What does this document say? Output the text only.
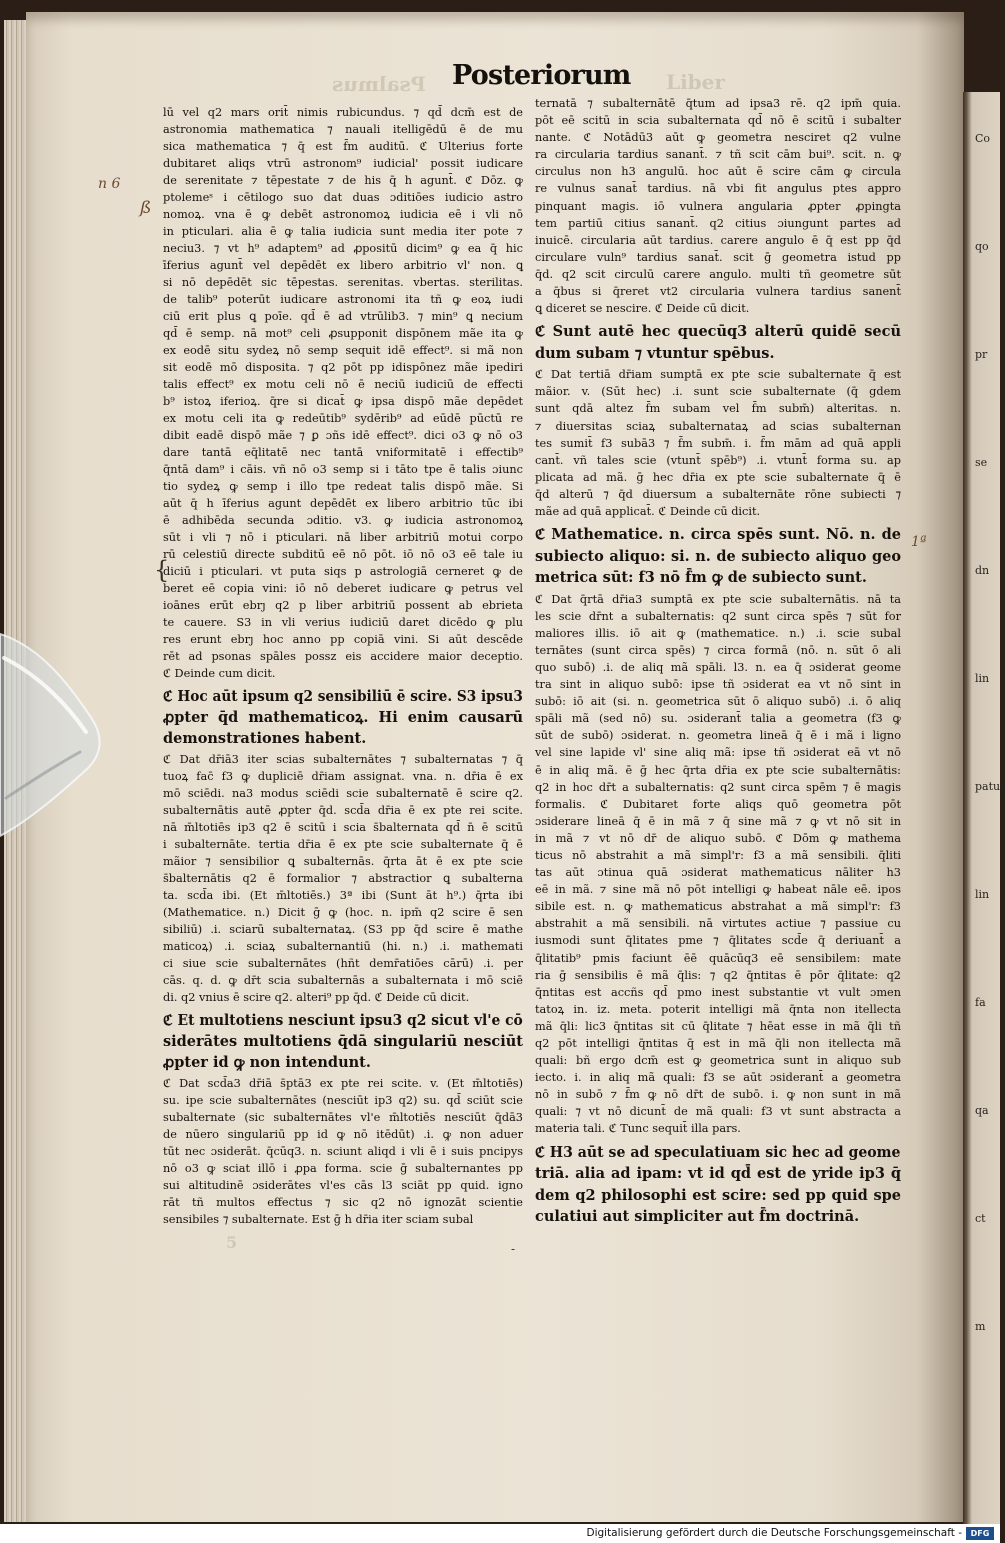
Co
qo
pr
se
dn
lin
patur
lin
fa
qa
ct
m
Psalmus	Liber
5
Posteriorum
lū vel q2 mars orit̄ nimis rubicundus. ⁊ qd̄ dcm̄ est de
astronomia mathematica ⁊ nauali itelligēdū ē de mu
sica mathematica ⁊ q̄ est f̄m auditū. ℭ Ulterius forte
dubitaret aliqs vtrū astronom⁹ iudicial' possit iudicare
de serenitate ⁊ tēpestate ⁊ de his q̄ h agunt̄. ℭ Dōz. ꝙ
ptolemeˢ i cētilogo suo dat duas ɔditiōes iudicio astro
nomoꝝ. vna ē ꝙ debēt astronomoꝝ iudicia eē i vli nō
in pticulari. alia ē ꝙ talia iudicia sunt media iter pote ⁊
neciu3. ⁊ vt h⁹ adaptem⁹ ad ꝓpositū dicim⁹ ꝙ ea q̄ hic
īferius agunt̄ vel depēdēt ex libero arbitrio vl' non. ꝗ
si nō depēdēt sic tēpestas. serenitas. vbertas. sterilitas.
de talib⁹ poterūt iudicare astronomi ita tñ ꝙ eoꝝ iudi
ciū erit plus ꝗ poīe. qd̄ ē ad vtrūlib3. ⁊ min⁹ ꝗ necium
qd̄ ē semp. nā mot⁹ celi ꝓsupponit dispōnem mãe ita ꝙ
ex eodē situ sydeꝝ nō semp sequit idē effect⁹. si mã non
sit eodē mō disposita. ⁊ q2 pōt pp idispōnez mãe ipediri
talis effect⁹ ex motu celi nō ē neciū iudiciū de effecti
b⁹ istoꝝ iferioꝝ. q̄re si dicat̄ ꝙ ipsa dispō mãe depēdet
ex motu celi ita ꝙ redeūtib⁹ sydērib⁹ ad eūdē pūctū re
dibit eadē dispō mãe ⁊ ꝑ ɔñs idē effect⁹. dici o3 ꝙ nō o3
dare tantā eq̄litatē nec tantā vniformitatē i effectib⁹
q̄ntā dam⁹ i cāis. vñ nō o3 semp si i tāto tpe ē talis ɔiunc
tio sydeꝝ ꝙ semp i illo tpe redeat talis dispō mãe. Si
aūt q̄ h īferius agunt depēdēt ex libero arbitrio tūc ibi
ē adhibēda secunda ɔditio. v3. ꝙ iudicia astronomoꝝ
sūt i vli ⁊ nō i pticulari. nā liber arbitriū motui corpo
rū celestiū directe subditū eē nō pōt. iō nō o3 eē tale iu
diciū i pticulari. vt puta siqs p astrologiā cerneret ꝙ de
beret eē copia vini: iō nō deberet iudicare ꝙ petrus vel
ioānes erūt ebrȷ q2 p liber arbitriū possent ab ebrieta
te cauere. S3 in vli verius iudiciū daret dicēdo ꝙ plu
res erunt ebrȷ hoc anno pp copiā vini. Si aūt descēde
rēt ad psonas spāles possz eis accidere maior deceptio.
ℭ Deinde cum dicit.
ℭ Hoc aūt ipsum q2 sensibiliū ē scire. S3 ipsu3
ꝓpter q̄d mathematicoꝝ. Hi enim causarū
demonstrationes habent.
ℭ Dat dr̄iā3 iter scias subalternātes ⁊ subalternatas ⁊ q̄
tuoꝝ fac̄ f3 ꝙ dupliciē dr̄iam assignat. vna. n. dr̄ia ē ex
mō sciēdi. na3 modus sciēdi scie subalternatē ē scire q2.
subalternātis autē ꝓpter q̄d. scd̄a dr̄ia ē ex pte rei scite.
nā m̄ltotiēs ip3 q2 ē scitū i scia s̄balternata qd̄ n̄ ē scitū
i subalternāte. tertia dr̄ia ē ex pte scie subalternate q̄ ē
mãior ⁊ sensibilior ꝗ subalternās. q̄rta āt ē ex pte scie
s̄balternātis q2 ē formalior ⁊ abstractior ꝗ subalterna
ta. scd̄a ibi. (Et m̄ltotiēs.) 3ª ibi (Sunt āt h⁹.) q̄rta ibi
(Mathematice. n.) Dicit ḡ ꝙ (hoc. n. ipm̄ q2 scire ē sen
sibiliū) .i. sciarū subalternataꝝ. (S3 pp q̄d scire ē mathe
maticoꝝ) .i. sciaꝝ subalternantiū (hi. n.) .i. mathemati
ci siue scie subalternātes (hñt demr̄atiōes cārū) .i. per
cās. q. d. ꝙ dr̄t scia subalternās a subalternata i mō sciē
di. q2 vnius ē scire q2. alteri⁹ pp q̄d. ℭ Deide cū dicit.
ℭ Et multotiens nesciunt ipsu3 q2 sicut vl'e cō
siderātes multotiens q̄dā singulariū nesciūt
ꝓpter id ꝙ non intendunt.
ℭ Dat scd̄a3 dr̄iā s̄ptā3 ex pte rei scite. v. (Et m̄ltotiēs)
su. ipe scie subalternātes (nesciūt ip3 q2) su. qd̄ sciūt scie
subalternate (sic subalternātes vl'e m̄ltotiēs nesciūt q̄dā3
de nūero singulariū pp id ꝙ nō itēdūt) .i. ꝙ non aduer
tūt nec ɔsiderāt. q̄cūq3. n. sciunt aliqd i vli ē i suis pncipys
nō o3 ꝙ sciat illō i ꝓpa forma. scie ḡ subalternantes pp
sui altitudinē ɔsiderātes vl'es cās l3 sciāt pp quid. igno
rāt tñ multos effectus ⁊ sic q2 nō ignozāt scientie
sensibiles ⁊ subalternate. Est ḡ h dr̄ia iter sciam subal
ternatā ⁊ subalternātē q̄tum ad ipsa3 rē. q2 ipm̄ quia.
pōt eē scitū in scia subalternata qd̄ nō ē scitū i subalter
nante. ℭ Notādū3 aūt ꝙ geometra nesciret q2 vulne
ra circularia tardius sanant̄. ⁊ tñ scit cām bui⁹. scit. n. ꝙ
circulus non h3 angulū. hoc aūt ē scire cām ꝙ circula
re vulnus sanat̄ tardius. nā vbi fit angulus ptes appro
pinquant magis. iō vulnera angularia ꝓpter ꝓpingta
tem partiū citius sanant̄. q2 citius ɔiungunt partes ad
inuicē. circularia aūt tardius. carere angulo ē q̄ est pp q̄d
circulare vuln⁹ tardius sanat̄. scit ḡ geometra istud pp
q̄d. q2 scit circulū carere angulo. multi tñ geometre sūt
a q̄bus si q̄reret vt2 circularia vulnera tardius sanent̄
ꝗ diceret se nescire. ℭ Deide cū dicit.
ℭ Sunt autē hec quecūq3 alterū quidē secū
dum subam ⁊ vtuntur spēbus.
ℭ Dat tertiā dr̄iam sumptā ex pte scie subalternate q̄ est
mãior. v. (Sūt hec) .i. sunt scie subalternate (q̄ gdem
sunt qdā altez f̄m subam vel f̄m subm̄) alteritas. n.
⁊ diuersitas sciaꝝ subalternataꝝ ad scias subalternan
tes sumit̄ f3 subā3 ⁊ f̄m subm̄. i. f̄m mām ad quā appli
cant̄. vñ tales scie (vtunt̄ spēb⁹) .i. vtunt̄ forma su. ap
plicata ad mã. ḡ hec dr̄ia ex pte scie subalternate q̄ ē
q̄d alterū ⁊ q̄d diuersum a subalternāte rōne subiecti ⁊
mãe ad quā applicat̄. ℭ Deinde cū dicit.
ℭ Mathematice. n. circa spēs sunt. Nō. n. de
subiecto aliquo: si. n. de subiecto aliquo geo
metrica sūt: f3 nō f̄m ꝙ de subiecto sunt.
ℭ Dat q̄rtā dr̄ia3 sumptā ex pte scie subalternātis. nā ta
les scie dr̄nt a subalternatis: q2 sunt circa spēs ⁊ sūt for
maliores illis. iō ait ꝙ (mathematice. n.) .i. scie subal
ternātes (sunt circa spēs) ⁊ circa formā (nō. n. sūt ō ali
quo subō) .i. de aliq mã spāli. l3. n. ea q̄ ɔsiderat geome
tra sint in aliquo subō: ipse tñ ɔsiderat ea vt nō sint in
subō: iō ait (si. n. geometrica sūt ō aliquo subō) .i. ō aliq
spāli mã (sed nō) su. ɔsiderant̄ talia a geometra (f3 ꝙ
sūt de subō) ɔsiderat. n. geometra lineā q̄ ē i mã i ligno
vel sine lapide vl' sine aliq mã: ipse tñ ɔsiderat eā vt nō
ē in aliq mã. ē ḡ hec q̄rta dr̄ia ex pte scie subalternātis:
q2 in hoc dr̄t a subalternatis: q2 sunt circa spēm ⁊ ē magis
formalis. ℭ Dubitaret forte aliqs quō geometra pōt
ɔsiderare lineā q̄ ē in mã ⁊ q̄ sine mã ⁊ ꝙ vt nō sit in
in mã ⁊ vt nō dr̄ de aliquo subō. ℭ Dōm ꝙ mathema
ticus nō abstrahit a mã simpl'r: f3 a mã sensibili. q̄liti
tas aūt ɔtinua quā ɔsiderat mathematicus nāliter h3
eē in mã. ⁊ sine mã nō pōt intelligi ꝙ habeat nāle eē. ipos
sibile est. n. ꝙ mathematicus abstrahat a mã simpl'r: f3
abstrahit a mã sensibili. nā virtutes actiue ⁊ passiue cu
iusmodi sunt q̄litates pme ⁊ q̄litates scd̄e q̄ deriuant̄ a
q̄litatib⁹ pmis faciunt ēē quācūq3 eē sensibilem: mate
ria ḡ sensibilis ē mã q̄lis: ⁊ q2 q̄ntitas ē pōr q̄litate: q2
q̄ntitas est accñs qd̄ pmo inest substantie vt vult ɔmen
tatoꝝ in. iz. meta. poterit intelligi mã q̄nta non itellecta
mã q̄li: lic3 q̄ntitas sit cū q̄litate ⁊ hēat esse in mã q̄li tñ
q2 pōt intelligi q̄ntitas q̄ est in mã q̄li non itellecta mã
quali: bñ ergo dcm̄ est ꝙ geometrica sunt in aliquo sub
iecto. i. in aliq mã quali: f3 se aūt ɔsiderant̄ a geometra
nō in subō ⁊ f̄m ꝙ nō dr̄t de subō. i. ꝙ non sunt in mã
quali: ⁊ vt nō dicunt̄ de mã quali: f3 vt sunt abstracta a
materia tali. ℭ Tunc sequit̄ illa pars.
ℭ H3 aūt se ad speculatiuam sic hec ad geome
triā. alia ad ipam: vt id qd̄ est de yride ip3 q̄
dem q2 philosophi est scire: sed pp quid spe
culatiui aut simpliciter aut f̄m doctrinā.
n 6
ß
{
1ª
-
Digitalisierung gefördert durch die Deutsche Forschungsgemeinschaft -	DFG
